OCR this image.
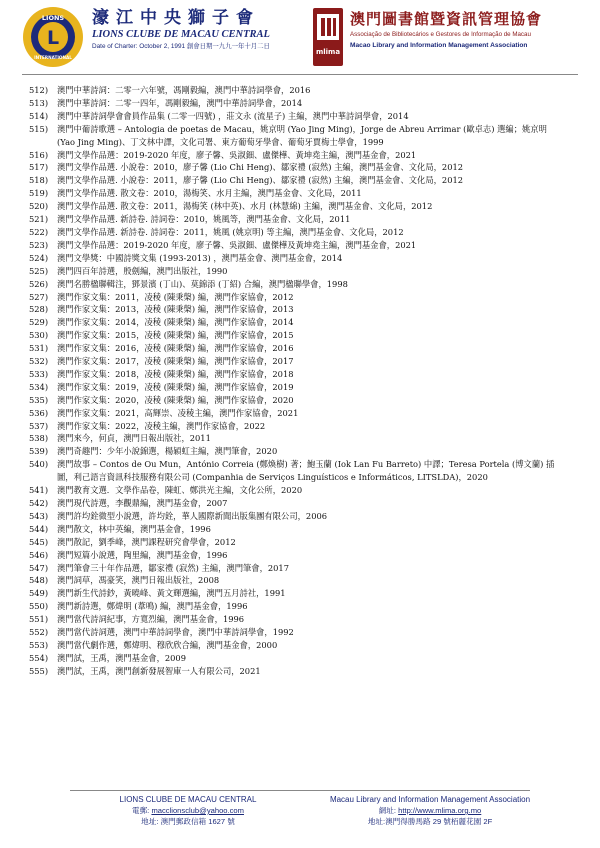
L
LIONS
INTERNATIONAL
濠江中央獅子會
LIONS CLUBE DE MACAU CENTRAL
Date of Charter: October 2, 1991 創會日期一九九一年十月二日
mlima
澳門圖書館暨資訊管理協會
Associação de Bibliotecários e Gestores de Informação de Macau
Macao Library and Information Management Association
512)	澳門中華詩詞：二零一六年號，馮剛毅編，澳門中華詩詞學會，2016
513)	澳門中華詩詞：二零一四年，馮剛毅編，澳門中華詩詞學會，2014
514)	澳門中華詩詞學會會員作品集 (二零一四號) ，莊文永 (流星子) 主編，澳門中華詩詞學會，2014
515)	澳門中葡詩歌選 – Antologia de poetas de Macau，姚京明 (Yao Jing Ming)，Jorge de Abreu Arrimar (歐卓志) 選編；姚京明 (Yao Jing Ming)、丁文林中譯，文化司署、東方葡萄牙學會、葡萄牙賈梅士學會，1999
516)	澳門文學作品選：2019-2020 年度，廖子馨、吳淑鈿、盧傑樺、黃坤堯主編，澳門基金會，2021
517)	澳門文學作品選. 小說卷：2010，廖子馨 (Lio Chi Heng)、鄒家禮 (寂然) 主編，澳門基金會、文化局，2012
518)	澳門文學作品選. 小說卷：2011，廖子馨 (Lio Chi Heng)、鄒家禮 (寂然) 主編，澳門基金會、文化局，2012
519)	澳門文學作品選. 散文卷：2010，湯梅笑、水月主編，澳門基金會、文化局，2011
520)	澳門文學作品選. 散文卷：2011，湯梅笑 (林中英)、水月 (林慧綿) 主編，澳門基金會、文化局，2012
521)	澳門文學作品選. 新詩卷. 詩詞卷：2010，姚風等，澳門基金會、文化局，2011
522)	澳門文學作品選. 新詩卷. 詩詞卷：2011，姚風 (姚京明) 等主編，澳門基金會、文化局，2012
523)	澳門文學作品選：2019-2020 年度，廖子馨、吳淑鈿、盧傑樺及黃坤堯主編，澳門基金會，2021
524)	澳門文學獎：中國詩獎文集 (1993-2013) ，澳門基金會、澳門基金會，2014
525)	澳門四百年詩選，殷劍編，澳門出版社，1990
526)	澳門名勝楹聯輯注，鄧景濱 (丁山)、莫錦添 (丁紹) 合編，澳門楹聯學會，1998
527)	澳門作家文集：2011，凌稜 (陳秉槃) 編，澳門作家協會，2012
528)	澳門作家文集：2013，凌稜 (陳秉槃) 編，澳門作家協會，2013
529)	澳門作家文集：2014，凌稜 (陳秉槃) 編，澳門作家協會，2014
530)	澳門作家文集：2015，凌稜 (陳秉槃) 編，澳門作家協會，2015
531)	澳門作家文集：2016，凌稜 (陳秉槃) 編，澳門作家協會，2016
532)	澳門作家文集：2017，凌稜 (陳秉槃) 編，澳門作家協會，2017
533)	澳門作家文集：2018，凌稜 (陳秉槃) 編，澳門作家協會，2018
534)	澳門作家文集：2019，凌稜 (陳秉槃) 編，澳門作家協會，2019
535)	澳門作家文集：2020，凌稜 (陳秉槃) 編，澳門作家協會，2020
536)	澳門作家文集：2021，高輝崇、凌稜主編，澳門作家協會，2021
537)	澳門作家文集：2022，凌稜主編，澳門作家協會，2022
538)	澳門來今，何貞，澳門日報出版社，2011
539)	澳門奇趣門：少年小說錦選，楊穎虹主編，澳門筆會，2020
540)	澳門故事 – Contos de Ou Mun，António Correia (鄭煥樹) 著；鮑玉蘭 (Iok Lan Fu Barreto) 中譯；Teresa Portela (博文蘭) 插圖，利己語言資訊科技服務有限公司 (Companhia de Serviços Linguísticos e Informáticos, LITSLDA)，2020
541)	澳門教育文選．文學作品卷，陳虹、鄭洪光主編，文化公所，2020
542)	澳門現代詩選，李觀鼎編，澳門基金會，2007
543)	澳門許均銓微型小說選，許均銓，華人國際新聞出版集團有限公司，2006
544)	澳門散文，林中英編，澳門基金會，1996
545)	澳門散記，劉季峰，澳門課程研究會學會，2012
546)	澳門短篇小說選，陶里編，澳門基金會，1996
547)	澳門筆會三十年作品選，鄒家禮 (寂然) 主編，澳門筆會，2017
548)	澳門詞草，馮豪笑，澳門日報出版社，2008
549)	澳門新生代詩鈔，黃曉峰、黃文輝選編，澳門五月詩社，1991
550)	澳門新詩選，鄭煒明 (葦鳴) 編，澳門基金會，1996
551)	澳門當代詩詞紀事，方寬烈編，澳門基金會，1996
552)	澳門當代詩詞選，澳門中華詩詞學會，澳門中華詩詞學會，1992
553)	澳門當代劇作選，鄭煒明、穆欣欣合編，澳門基金會，2000
554)	澳門試，王禹，澳門基金會，2009
555)	澳門試，王禹，澳門創新發展智庫一人有限公司，2021
LIONS CLUBE DE MACAU CENTRAL
電郵: macclionsclub@yahoo.com
地址: 澳門郵政信箱 1627 號
Macau Library and Information Management Association
網址: http://www.mlima.org.mo
地址:澳門得勝馬路 29 號栢麗花園 2F
